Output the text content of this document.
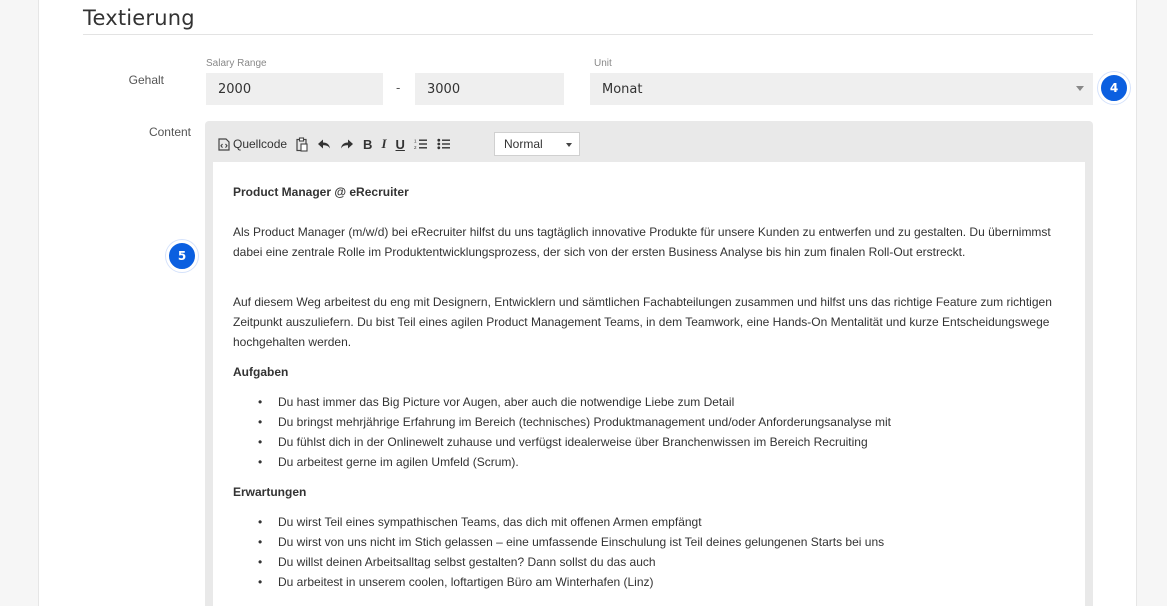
Textierung
Gehalt
Salary Range
2000	-	3000
Unit
Monat	4
Content
5
Quellcode	B I U 1
2	Normal
Product Manager @ eRecruiter

Als Product Manager (m/w/d) bei eRecruiter hilfst du uns tagtäglich innovative Produkte für unsere Kunden zu entwerfen und zu gestalten. Du übernimmst dabei eine zentrale Rolle im Produktentwicklungsprozess, der sich von der ersten Business Analyse bis hin zum finalen Roll-Out erstreckt.

Auf diesem Weg arbeitest du eng mit Designern, Entwicklern und sämtlichen Fachabteilungen zusammen und hilfst uns das richtige Feature zum richtigen Zeitpunkt auszuliefern. Du bist Teil eines agilen Product Management Teams, in dem Teamwork, eine Hands-On Mentalität und kurze Entscheidungswege hochgehalten werden.

Aufgaben
• Du hast immer das Big Picture vor Augen, aber auch die notwendige Liebe zum Detail
• Du bringst mehrjährige Erfahrung im Bereich (technisches) Produktmanagement und/oder Anforderungsanalyse mit
• Du fühlst dich in der Onlinewelt zuhause und verfügst idealerweise über Branchenwissen im Bereich Recruiting
• Du arbeitest gerne im agilen Umfeld (Scrum).
Erwartungen
• Du wirst Teil eines sympathischen Teams, das dich mit offenen Armen empfängt
• Du wirst von uns nicht im Stich gelassen – eine umfassende Einschulung ist Teil deines gelungenen Starts bei uns
• Du willst deinen Arbeitsalltag selbst gestalten? Dann sollst du das auch
• Du arbeitest in unserem coolen, loftartigen Büro am Winterhafen (Linz)
